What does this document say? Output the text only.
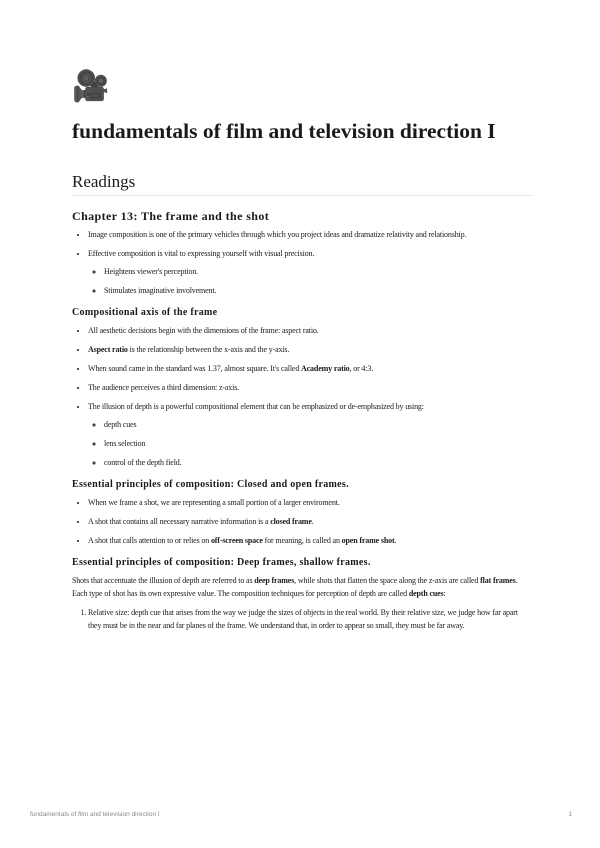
🎥
fundamentals of film and television direction I
Readings
Chapter 13: The frame and the shot
• Image composition is one of the primary vehicles through which you project ideas and dramatize relativity and relationship.
• Effective composition is vital to expressing yourself with visual precision.
◦ Heightens viewer's perception.
◦ Stimulates imaginative involvement.
Compositional axis of the frame
• All aesthetic decisions begin with the dimensions of the frame: aspect ratio.
• Aspect ratio is the relationship between the x-axis and the y-axis.
• When sound came in the standard was 1.37, almost square. It's called Academy ratio, or 4:3.
• The audience perceives a third dimension: z-axis.
• The illusion of depth is a powerful compositional element that can be emphasized or de-emphasized by using:
◦ depth cues
◦ lens selection
◦ control of the depth field.
Essential principles of composition: Closed and open frames.
• When we frame a shot, we are representing a small portion of a larger enviroment.
• A shot that contains all necessary narrative information is a closed frame.
• A shot that calls attention to or relies on off-screen space for meaning, is called an open frame shot.
Essential principles of composition: Deep frames, shallow frames.

Shots that accentuate the illusion of depth are referred to as deep frames, while shots that flatten the space along the z-axis are called flat frames. Each type of shot has its own expressive value. The composition techniques for perception of depth are called depth cues:

1. Relative size: depth cue that arises from the way we judge the sizes of objects in the real world. By their relative size, we judge how far apart they must be in the near and far planes of the frame. We understand that, in order to appear so small, they must be far away.
fundamentals of film and television direction I	1
